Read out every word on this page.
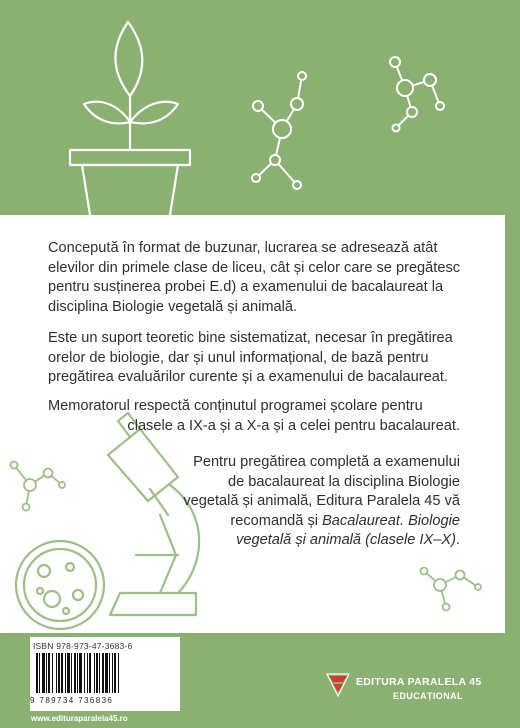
Concepută în format de buzunar, lucrarea se adresează atât elevilor din primele clase de liceu, cât și celor care se pregătesc pentru susținerea probei E.d) a examenului de bacalaureat la disciplina Biologie vegetală și animală.

Este un suport teoretic bine sistematizat, necesar în pregătirea orelor de biologie, dar și unul informațional, de bază pentru pregătirea evaluărilor curente și a examenului de bacalaureat.

Memoratorul respectă conținutul programei școlare pentru

clasele a IX-a și a X-a și a celei pentru bacalaureat.

Pentru pregătirea completă a examenului de bacalaureat la disciplina Biologie vegetală și animală, Editura Paralela 45 vă recomandă și Bacalaureat. Biologie vegetală și animală (clasele IX–X).

ISBN 978-973-47-3683-6
9 789734 736836
www.edituraparalela45.ro
EDITURA PARALELA 45
EDUCAȚIONAL
